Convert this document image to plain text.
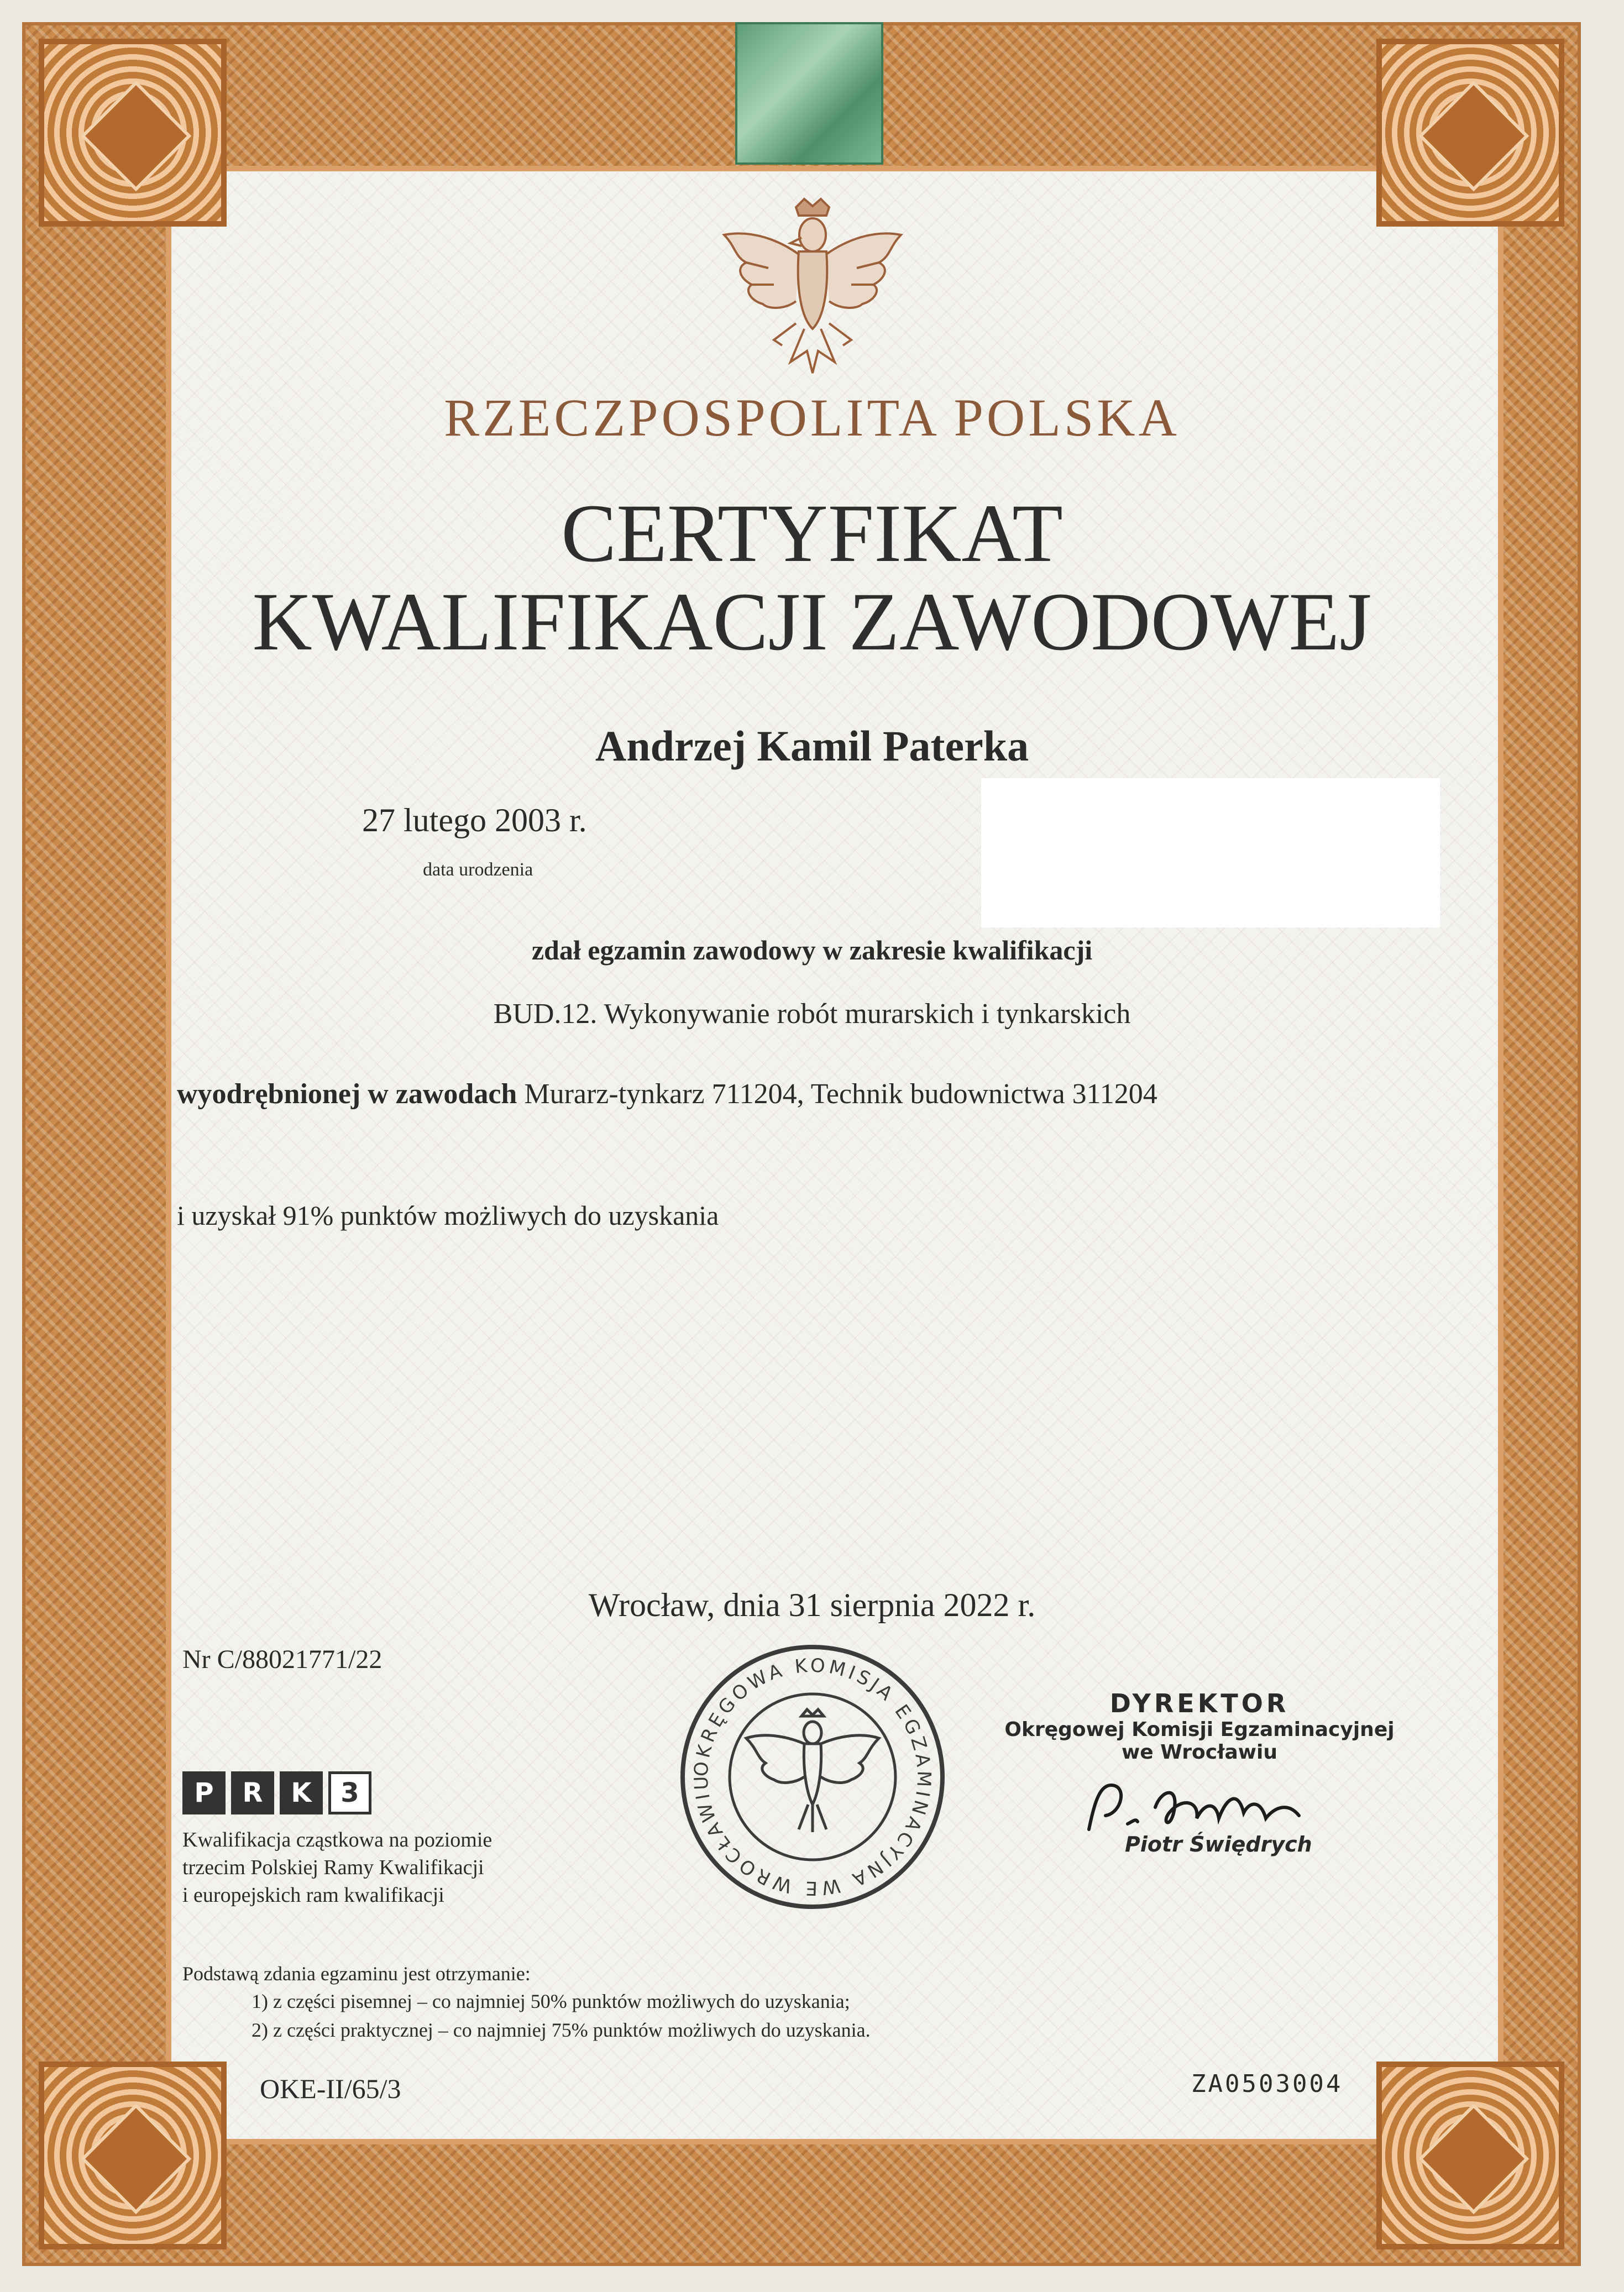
RZECZPOSPOLITA POLSKA
CERTYFIKAT
KWALIFIKACJI ZAWODOWEJ
Andrzej Kamil Paterka
27 lutego 2003 r.
data urodzenia
zdał egzamin zawodowy w zakresie kwalifikacji
BUD.12. Wykonywanie robót murarskich i tynkarskich
wyodrębnionej w zawodach Murarz-tynkarz 711204, Technik budownictwa 311204
i uzyskał 91% punktów możliwych do uzyskania
Wrocław, dnia 31 sierpnia 2022 r.
Nr C/88021771/22
OKRĘGOWA KOMISJA EGZAMINACYJNA WE WROCŁAWIU
DYREKTOR
Okręgowej Komisji Egzaminacyjnej
we Wrocławiu
Piotr Świędrych
P	R	K	3
Kwalifikacja cząstkowa na poziomie
trzecim Polskiej Ramy Kwalifikacji
i europejskich ram kwalifikacji
Podstawą zdania egzaminu jest otrzymanie:
1) z części pisemnej – co najmniej 50% punktów możliwych do uzyskania;
2) z części praktycznej – co najmniej 75% punktów możliwych do uzyskania.
OKE-II/65/3	ZA0503004
